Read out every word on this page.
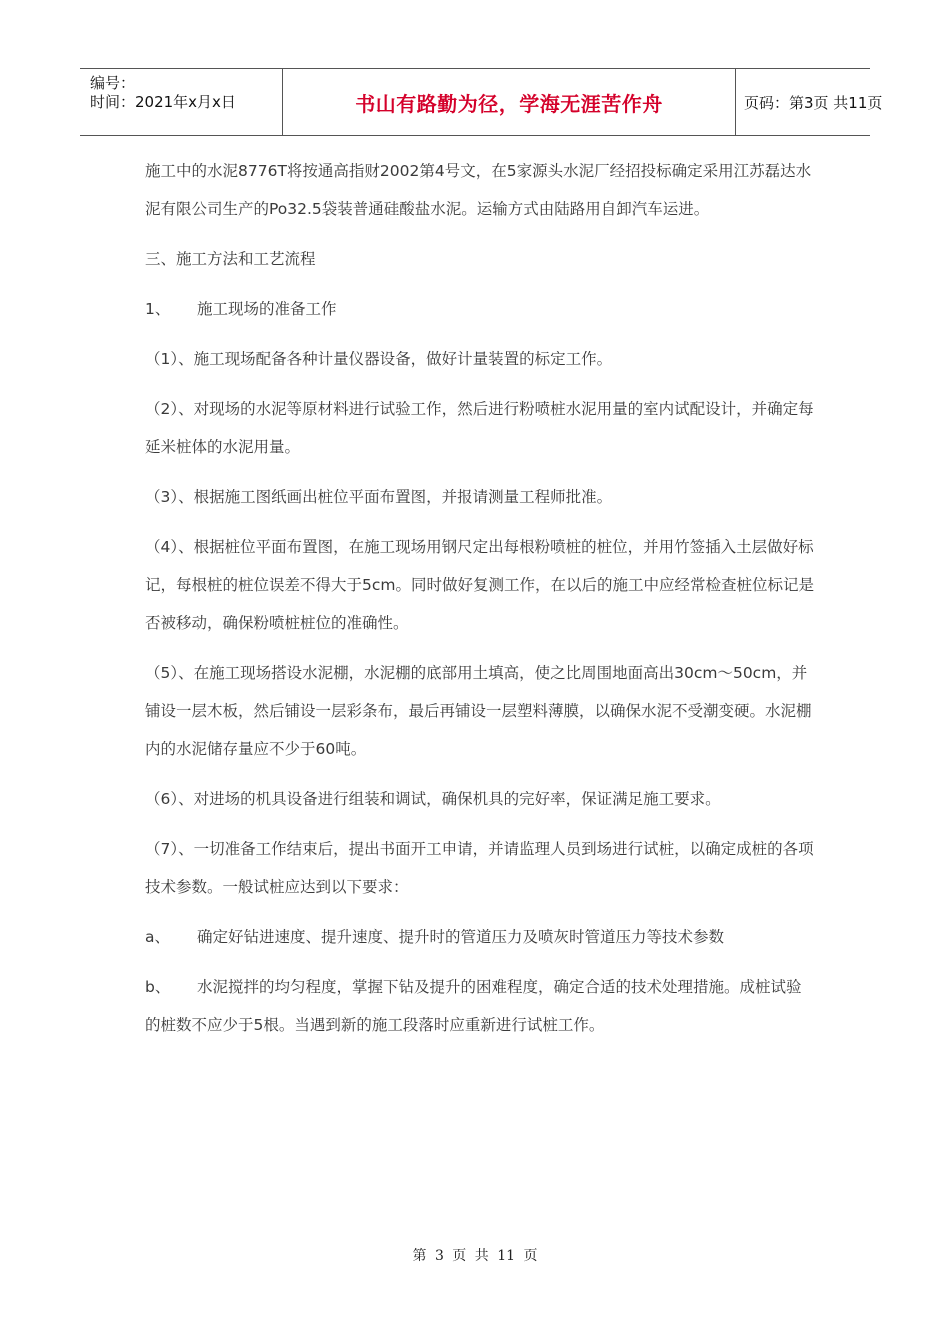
编号：
时间：2021年x月x日	书山有路勤为径，学海无涯苦作舟	页码：第3页 共11页

施工中的水泥8776T将按通高指财2002第4号文，在5家源头水泥厂经招投标确定采用江苏磊达水泥有限公司生产的Po32.5袋装普通硅酸盐水泥。运输方式由陆路用自卸汽车运进。

三、施工方法和工艺流程

1、 施工现场的准备工作

（1）、施工现场配备各种计量仪器设备，做好计量装置的标定工作。

（2）、对现场的水泥等原材料进行试验工作，然后进行粉喷桩水泥用量的室内试配设计，并确定每延米桩体的水泥用量。

（3）、根据施工图纸画出桩位平面布置图，并报请测量工程师批准。

（4）、根据桩位平面布置图，在施工现场用钢尺定出每根粉喷桩的桩位，并用竹签插入土层做好标记，每根桩的桩位误差不得大于5cm。同时做好复测工作，在以后的施工中应经常检查桩位标记是否被移动，确保粉喷桩桩位的准确性。

（5）、在施工现场搭设水泥棚，水泥棚的底部用土填高，使之比周围地面高出30cm～50cm，并铺设一层木板，然后铺设一层彩条布，最后再铺设一层塑料薄膜，以确保水泥不受潮变硬。水泥棚内的水泥储存量应不少于60吨。

（6）、对进场的机具设备进行组装和调试，确保机具的完好率，保证满足施工要求。

（7）、一切准备工作结束后，提出书面开工申请，并请监理人员到场进行试桩，以确定成桩的各项技术参数。一般试桩应达到以下要求：

a、 确定好钻进速度、提升速度、提升时的管道压力及喷灰时管道压力等技术参数

b、 水泥搅拌的均匀程度，掌握下钻及提升的困难程度，确定合适的技术处理措施。成桩试验的桩数不应少于5根。当遇到新的施工段落时应重新进行试桩工作。

第 3 页 共 11 页
